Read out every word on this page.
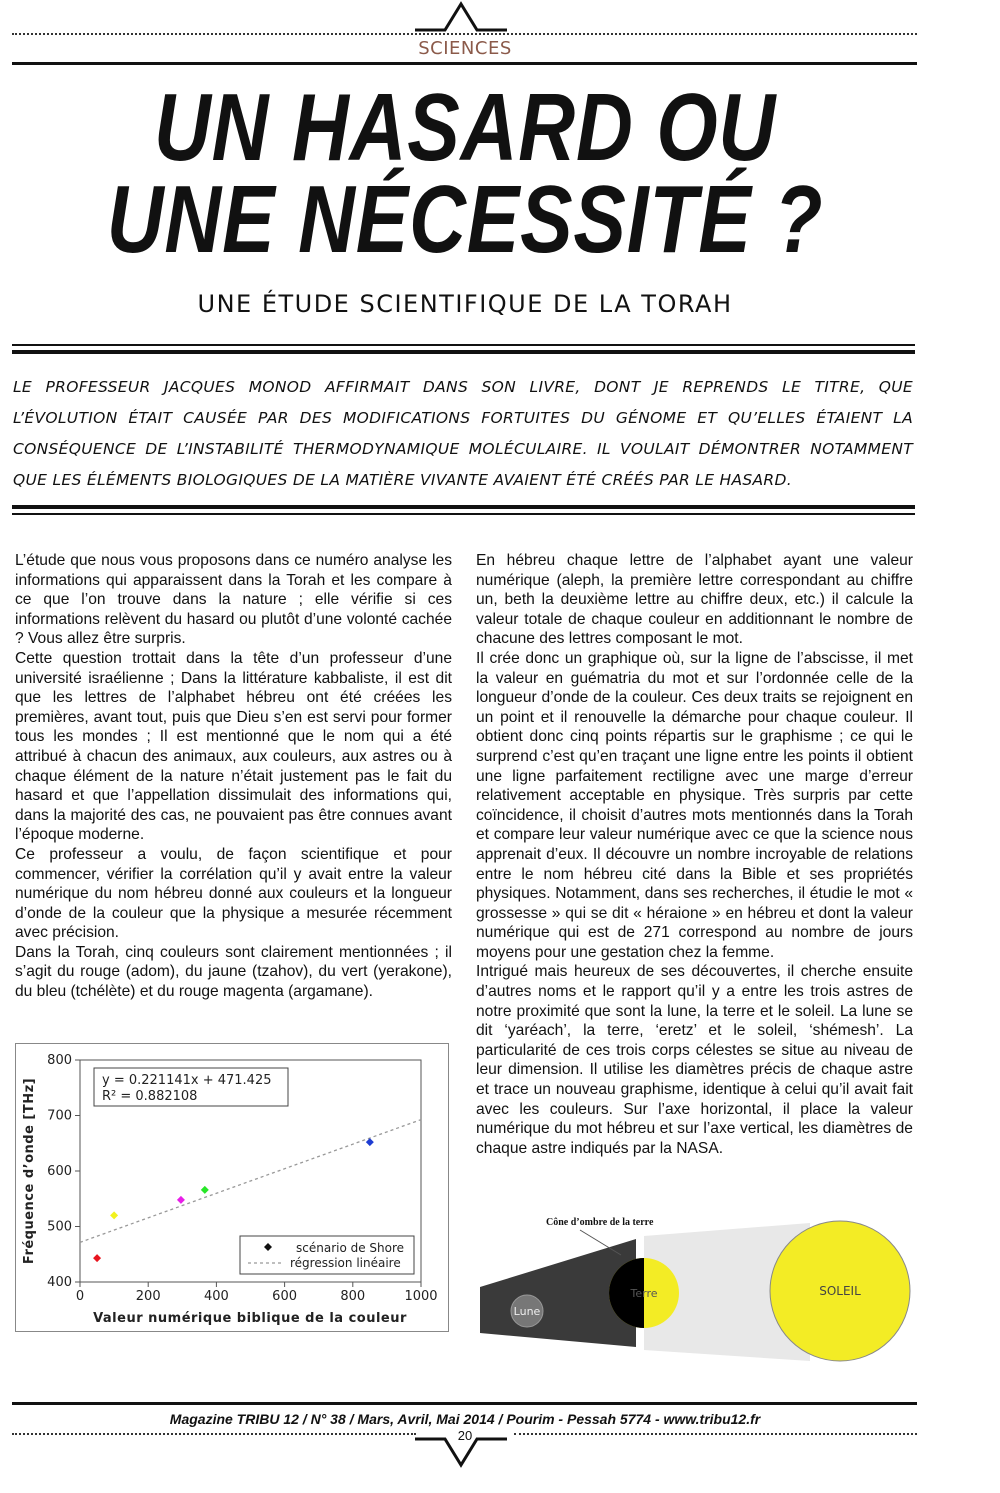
SCIENCES
UN HASARD OU
UNE NÉCESSITÉ ?
UNE ÉTUDE SCIENTIFIQUE DE LA TORAH
LE PROFESSEUR JACQUES MONOD AFFIRMAIT DANS SON LIVRE, DONT JE REPRENDS LE TITRE, QUE L’ÉVOLUTION ÉTAIT CAUSÉE PAR DES MODIFICATIONS FORTUITES DU GÉNOME ET QU’ELLES ÉTAIENT LA CONSÉQUENCE DE L’INSTABILITÉ THERMODYNAMIQUE MOLÉCULAIRE. IL VOULAIT DÉMONTRER NOTAMMENT QUE LES ÉLÉMENTS BIOLOGIQUES DE LA MATIÈRE VIVANTE AVAIENT ÉTÉ CRÉÉS PAR LE HASARD.

L’étude que nous vous proposons dans ce numéro analyse les informations qui apparaissent dans la Torah et les compare à ce que l’on trouve dans la nature ; elle vérifie si ces informations relèvent du hasard ou plutôt d’une volonté cachée ? Vous allez être surpris.

Cette question trottait dans la tête d’un professeur d’une université israélienne ; Dans la littérature kabbaliste, il est dit que les lettres de l’alphabet hébreu ont été créées les premières, avant tout, puis que Dieu s’en est servi pour former tous les mondes ; Il est mentionné que le nom qui a été attribué à chacun des animaux, aux couleurs, aux astres ou à chaque élément de la nature n’était justement pas le fait du hasard et que l’appellation dissimulait des informations qui, dans la majorité des cas, ne pouvaient pas être connues avant l’époque moderne.

Ce professeur a voulu, de façon scientifique et pour commencer, vérifier la corrélation qu’il y avait entre la valeur numérique du nom hébreu donné aux couleurs et la longueur d’onde de la couleur que la physique a mesurée récemment avec précision.

Dans la Torah, cinq couleurs sont clairement mentionnées ; il s’agit du rouge (adom), du jaune (tzahov), du vert (yerakone), du bleu (tchélète) et du rouge magenta (argamane).

En hébreu chaque lettre de l’alphabet ayant une valeur numérique (aleph, la première lettre correspondant au chiffre un, beth la deuxième lettre au chiffre deux, etc.) il calcule la valeur totale de chaque couleur en additionnant le nombre de chacune des lettres composant le mot.

Il crée donc un graphique où, sur la ligne de l’abscisse, il met la valeur en guématria du mot et sur l’ordonnée celle de la longueur d’onde de la couleur. Ces deux traits se rejoignent en un point et il renouvelle la démarche pour chaque couleur. Il obtient donc cinq points répartis sur le graphisme ; ce qui le surprend c’est qu’en traçant une ligne entre les points il obtient une ligne parfaitement rectiligne avec une marge d’erreur relativement acceptable en physique. Très surpris par cette coïncidence, il choisit d’autres mots mentionnés dans la Torah et compare leur valeur numérique avec ce que la science nous apprenait d’eux. Il découvre un nombre incroyable de relations entre le nom hébreu cité dans la Bible et ses propriétés physiques. Notamment, dans ses recherches, il étudie le mot « grossesse » qui se dit « héraione » en hébreu et dont la valeur numérique qui est de 271 correspond au nombre de jours moyens pour une gestation chez la femme.

Intrigué mais heureux de ses découvertes, il cherche ensuite d’autres noms et le rapport qu’il y a entre les trois astres de notre proximité que sont la lune, la terre et le soleil. La lune se dit ‘yaréach’, la terre, ‘eretz’ et le soleil, ‘shémesh’. La particularité de ces trois corps célestes se situe au niveau de leur dimension. Il utilise les diamètres précis de chaque astre et trace un nouveau graphisme, identique à celui qu’il avait fait avec les couleurs. Sur l’axe horizontal, il place la valeur numérique du mot hébreu et sur l’axe vertical, les diamètres de chaque astre indiqués par la NASA.

0	200	400	600	800	1000
400
500
600
700
800
y = 0.221141x + 471.425
R² = 0.882108
scénario de Shore
régression linéaire
Valeur numérique biblique de la couleur
Fréquence d’onde [THz]	Cône d’ombre de la terre
Lune
Terre	SOLEIL
Magazine TRIBU 12 / N° 38 / Mars, Avril, Mai 2014 / Pourim - Pessah 5774 - www.tribu12.fr
20
